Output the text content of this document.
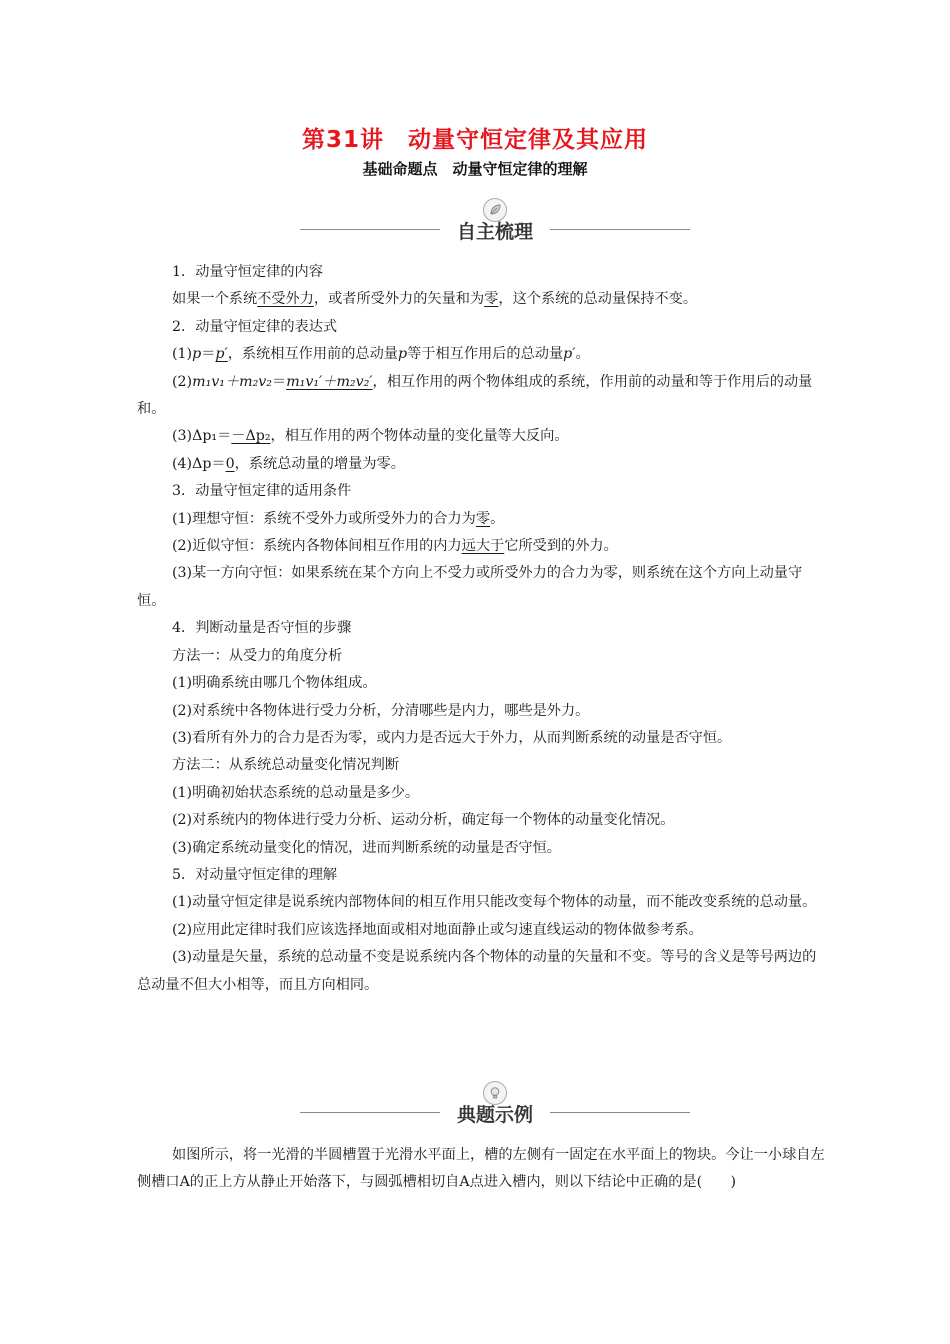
第31讲　动量守恒定律及其应用
基础命题点　动量守恒定律的理解
自主梳理

1．动量守恒定律的内容

如果一个系统不受外力，或者所受外力的矢量和为零，这个系统的总动量保持不变。

2．动量守恒定律的表达式

(1)p＝p′，系统相互作用前的总动量p等于相互作用后的总动量p′。

(2)m₁v₁＋m₂v₂＝m₁v₁′＋m₂v₂′，相互作用的两个物体组成的系统，作用前的动量和等于作用后的动量和。

(3)Δp₁＝－Δp₂，相互作用的两个物体动量的变化量等大反向。

(4)Δp＝0，系统总动量的增量为零。

3．动量守恒定律的适用条件

(1)理想守恒：系统不受外力或所受外力的合力为零。

(2)近似守恒：系统内各物体间相互作用的内力远大于它所受到的外力。

(3)某一方向守恒：如果系统在某个方向上不受力或所受外力的合力为零，则系统在这个方向上动量守恒。

4．判断动量是否守恒的步骤

方法一：从受力的角度分析

(1)明确系统由哪几个物体组成。

(2)对系统中各物体进行受力分析，分清哪些是内力，哪些是外力。

(3)看所有外力的合力是否为零，或内力是否远大于外力，从而判断系统的动量是否守恒。

方法二：从系统总动量变化情况判断

(1)明确初始状态系统的总动量是多少。

(2)对系统内的物体进行受力分析、运动分析，确定每一个物体的动量变化情况。

(3)确定系统动量变化的情况，进而判断系统的动量是否守恒。

5．对动量守恒定律的理解

(1)动量守恒定律是说系统内部物体间的相互作用只能改变每个物体的动量，而不能改变系统的总动量。

(2)应用此定律时我们应该选择地面或相对地面静止或匀速直线运动的物体做参考系。

(3)动量是矢量，系统的总动量不变是说系统内各个物体的动量的矢量和不变。等号的含义是等号两边的总动量不但大小相等，而且方向相同。

典题示例

如图所示，将一光滑的半圆槽置于光滑水平面上，槽的左侧有一固定在水平面上的物块。今让一小球自左侧槽口A的正上方从静止开始落下，与圆弧槽相切自A点进入槽内，则以下结论中正确的是(　　)
